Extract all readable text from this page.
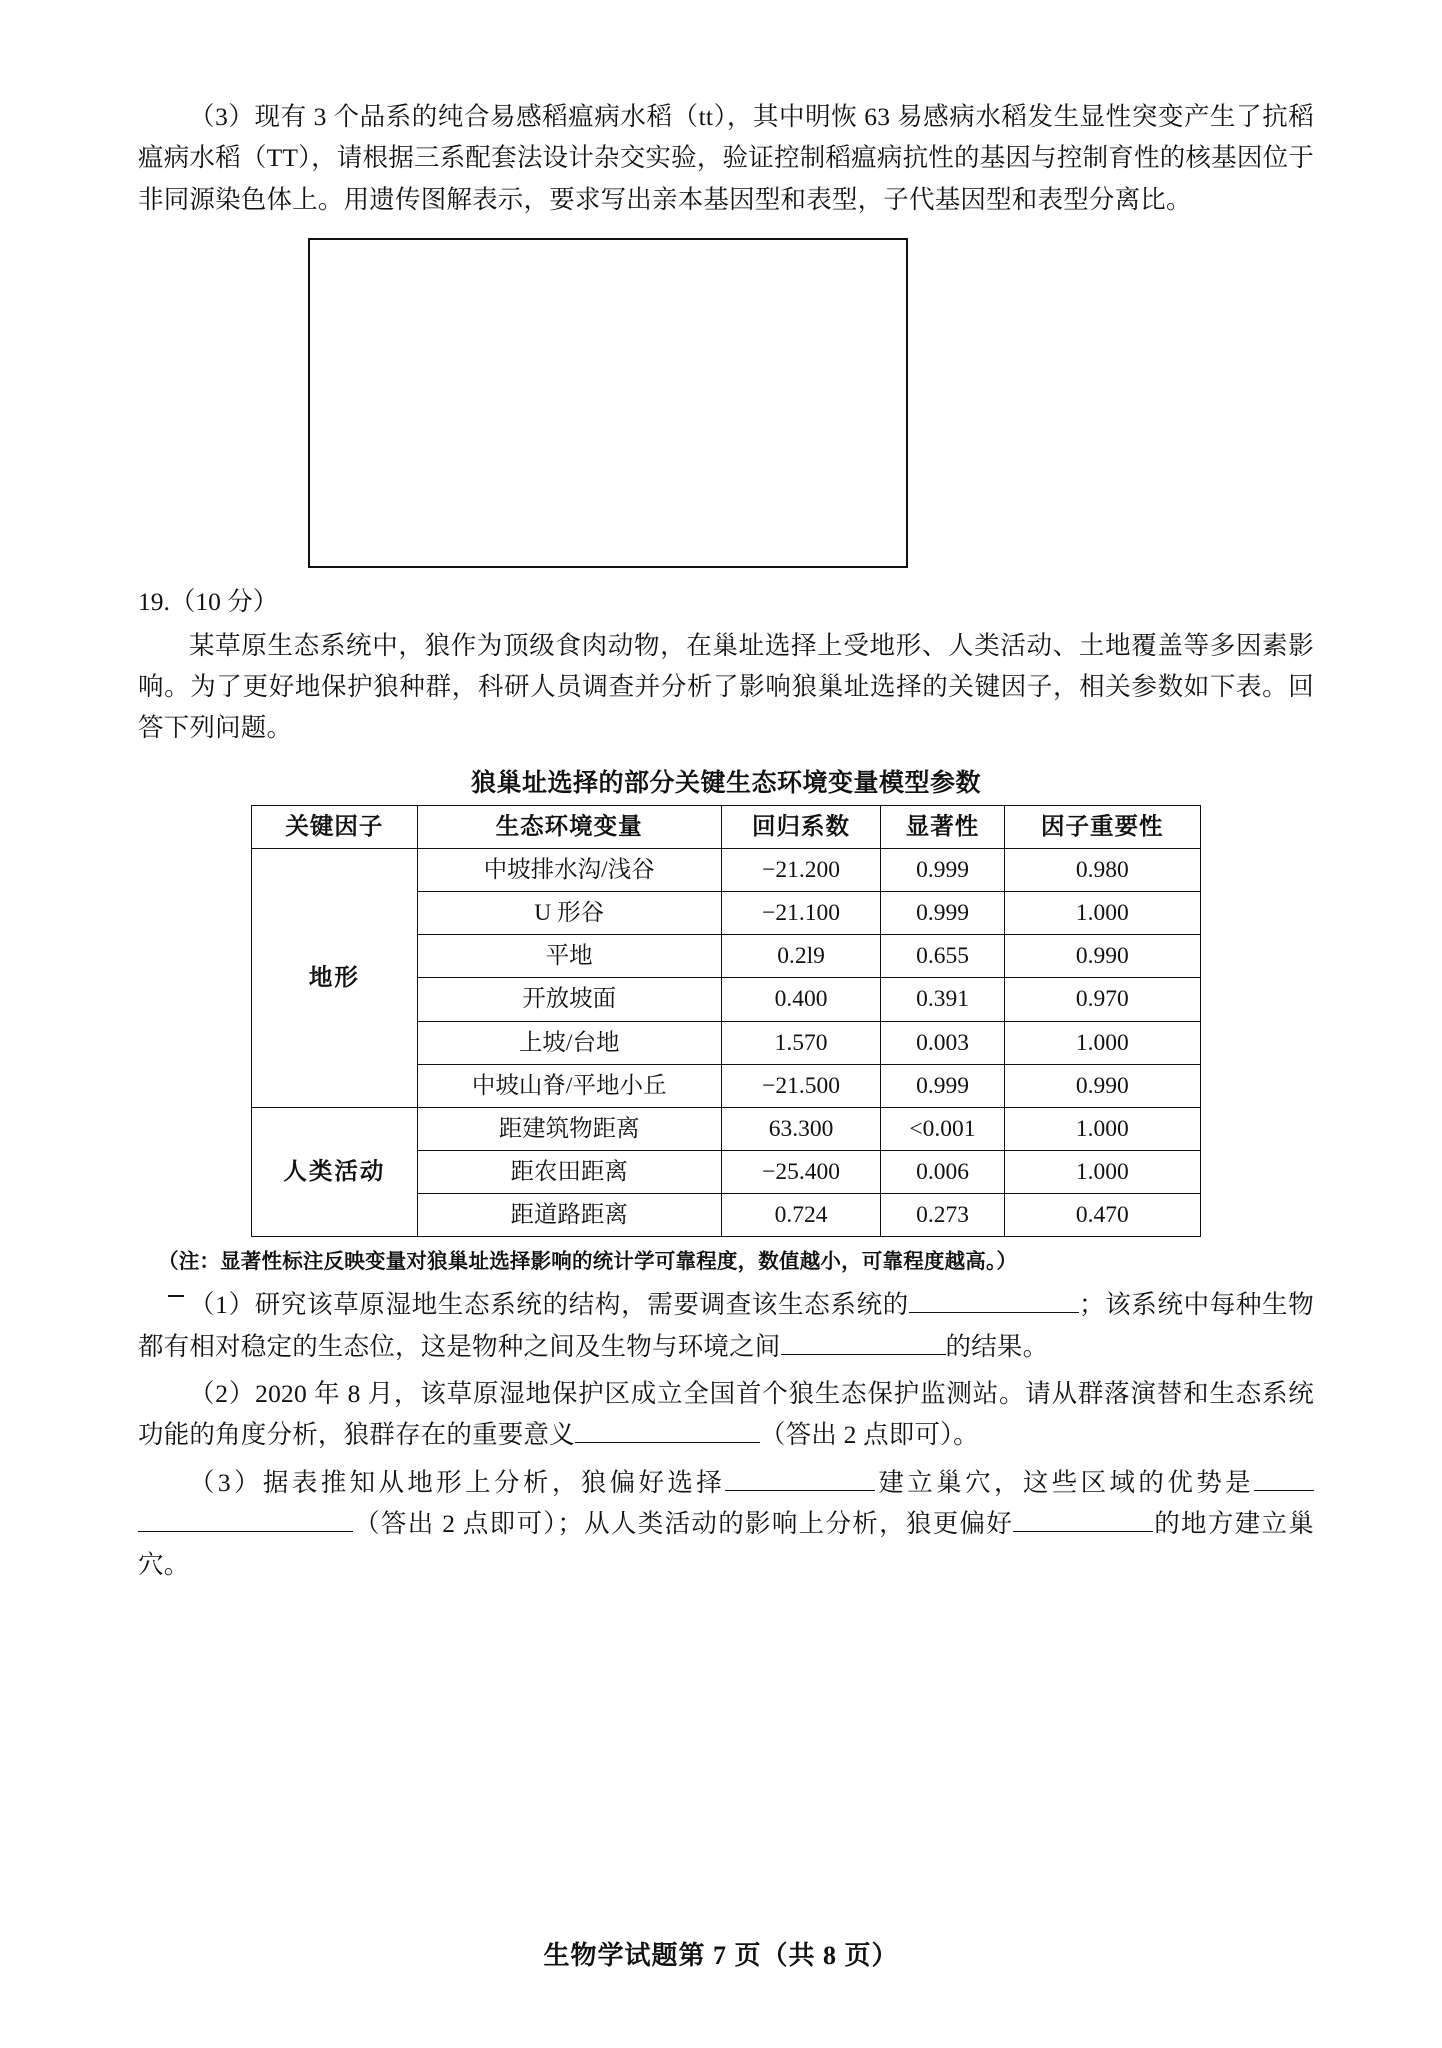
（3）现有 3 个品系的纯合易感稻瘟病水稻（tt），其中明恢 63 易感病水稻发生显性突变产生了抗稻瘟病水稻（TT），请根据三系配套法设计杂交实验，验证控制稻瘟病抗性的基因与控制育性的核基因位于非同源染色体上。用遗传图解表示，要求写出亲本基因型和表型，子代基因型和表型分离比。

19.（10 分）

某草原生态系统中，狼作为顶级食肉动物，在巢址选择上受地形、人类活动、土地覆盖等多因素影响。为了更好地保护狼种群，科研人员调查并分析了影响狼巢址选择的关键因子，相关参数如下表。回答下列问题。

狼巢址选择的部分关键生态环境变量模型参数
关键因子	生态环境变量	回归系数	显著性	因子重要性
地形	中坡排水沟/浅谷	−21.200	0.999	0.980
	U 形谷	−21.100	0.999	1.000
	平地	0.2l9	0.655	0.990
	开放坡面	0.400	0.391	0.970
	上坡/台地	1.570	0.003	1.000
	中坡山脊/平地小丘	−21.500	0.999	0.990
人类活动	距建筑物距离	63.300	<0.001	1.000
	距农田距离	−25.400	0.006	1.000
	距道路距离	0.724	0.273	0.470
（注：显著性标注反映变量对狼巢址选择影响的统计学可靠程度，数值越小，可靠程度越高。）

（1）研究该草原湿地生态系统的结构，需要调查该生态系统的	；该系统中每种生物都有相对稳定的生态位，这是物种之间及生物与环境之间	的结果。

（2）2020 年 8 月，该草原湿地保护区成立全国首个狼生态保护监测站。请从群落演替和生态系统功能的角度分析，狼群存在的重要意义	（答出 2 点即可）。

（3）据表推知从地形上分析，狼偏好选择	建立巢穴，这些区域的优势是（答出 2 点即可）；从人类活动的影响上分析，狼更偏好	的地方建立巢穴。

生物学试题第 7 页（共 8 页）
